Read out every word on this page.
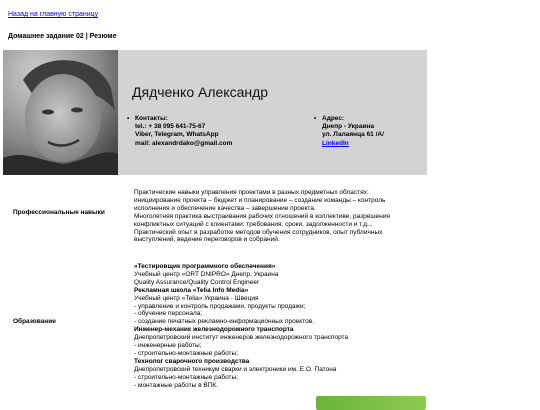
Назад на главную страницу
Домашнее задание 02 | Резюме
Дядченко Александр
• Контакты:
tel.: + 38 095 641-75-67
Viber, Telegram, WhatsApp
mail: alexandrdako@gmail.com
• Адрес:
Днепр - Украина
ул. Лалаянца 61 /А/
LinkedIn
Профессиональные навыки
Практические навыки управления проектами в разных предметных областях:
инициирование проекта – бюджет и планирование – создание команды – контроль
исполнения и обеспечение качества – завершение проекта.
Многолетняя практика выстраивания рабочих отношений в коллективе, разрешения
конфликтных ситуаций с клиентами: требования, сроки, задолженности и т.д...
Практический опыт в разработке методов обучения сотрудников, опыт публичных
выступлений, ведение переговоров и собраний.
Образование
«Тестировщик программного обеспечения»
Учебный центр «ORT DNIPRO» Днепр, Украина
Quality Assurance/Quality Control Engineer
Рекламная школа «Telia Info Media»
Учебный центр «Telia» Украина - Швеция
- управление и контроль продажами, продукты продажи;
- обучение персонала;
- создание печатных рекламно-информационных проектов.
Инженер-механик железнодорожного транспорта
Днепропетровский институт инженеров железнодорожного транспорта
- инженерные работы;
- строительно-монтажные работы;
Технолог сварочного производства
Днепропетровский техникум сварки и электроники им. Е.О. Патона
- строительно-монтажные работы;
- монтажные работы в ВПК.
